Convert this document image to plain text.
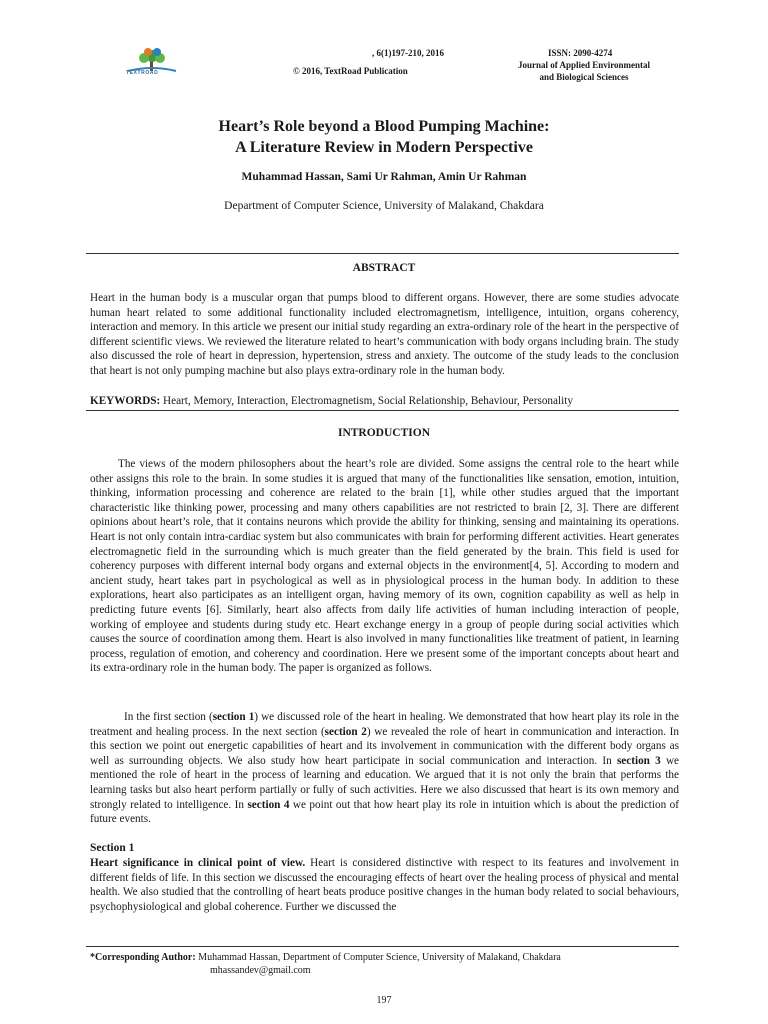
TEXTROAD
, 6(1)197-210, 2016
© 2016, TextRoad Publication
ISSN: 2090-4274
Journal of Applied Environmental
and Biological Sciences
Heart’s Role beyond a Blood Pumping Machine:
A Literature Review in Modern Perspective
Muhammad Hassan, Sami Ur Rahman, Amin Ur Rahman
Department of Computer Science, University of Malakand, Chakdara
ABSTRACT
Heart in the human body is a muscular organ that pumps blood to different organs. However, there are some studies advocate human heart related to some additional functionality included electromagnetism, intelligence, intuition, organs coherency, interaction and memory. In this article we present our initial study regarding an extra-ordinary role of the heart in the perspective of different scientific views. We reviewed the literature related to heart’s communication with body organs including brain. The study also discussed the role of heart in depression, hypertension, stress and anxiety. The outcome of the study leads to the conclusion that heart is not only pumping machine but also plays extra-ordinary role in the human body.
KEYWORDS: Heart, Memory, Interaction, Electromagnetism, Social Relationship, Behaviour, Personality
INTRODUCTION
The views of the modern philosophers about the heart’s role are divided. Some assigns the central role to the heart while other assigns this role to the brain. In some studies it is argued that many of the functionalities like sensation, emotion, intuition, thinking, information processing and coherence are related to the brain [1], while other studies argued that the important characteristic like thinking power, processing and many others capabilities are not restricted to brain [2, 3]. There are different opinions about heart’s role, that it contains neurons which provide the ability for thinking, sensing and maintaining its operations. Heart is not only contain intra-cardiac system but also communicates with brain for performing different activities. Heart generates electromagnetic field in the surrounding which is much greater than the field generated by the brain. This field is used for coherency purposes with different internal body organs and external objects in the environment[4, 5]. According to modern and ancient study, heart takes part in psychological as well as in physiological process in the human body. In addition to these explorations, heart also participates as an intelligent organ, having memory of its own, cognition capability as well as help in predicting future events [6]. Similarly, heart also affects from daily life activities of human including interaction of people, working of employee and students during study etc. Heart exchange energy in a group of people during social activities which causes the source of coordination among them. Heart is also involved in many functionalities like treatment of patient, in learning process, regulation of emotion, and coherency and coordination. Here we present some of the important concepts about heart and its extra-ordinary role in the human body. The paper is organized as follows.
In the first section (section 1) we discussed role of the heart in healing. We demonstrated that how heart play its role in the treatment and healing process. In the next section (section 2) we revealed the role of heart in communication and interaction. In this section we point out energetic capabilities of heart and its involvement in communication with the different body organs as well as surrounding objects. We also study how heart participate in social communication and interaction. In section 3 we mentioned the role of heart in the process of learning and education. We argued that it is not only the brain that performs the learning tasks but also heart perform partially or fully of such activities. Here we also discussed that heart is its own memory and strongly related to intelligence. In section 4 we point out that how heart play its role in intuition which is about the prediction of future events.
Section 1
Heart significance in clinical point of view. Heart is considered distinctive with respect to its features and involvement in different fields of life. In this section we discussed the encouraging effects of heart over the healing process of physical and mental health. We also studied that the controlling of heart beats produce positive changes in the human body related to social behaviours, psychophysiological and global coherence. Further we discussed the
*Corresponding Author: Muhammad Hassan, Department of Computer Science, University of Malakand, Chakdara
mhassandev@gmail.com
197
